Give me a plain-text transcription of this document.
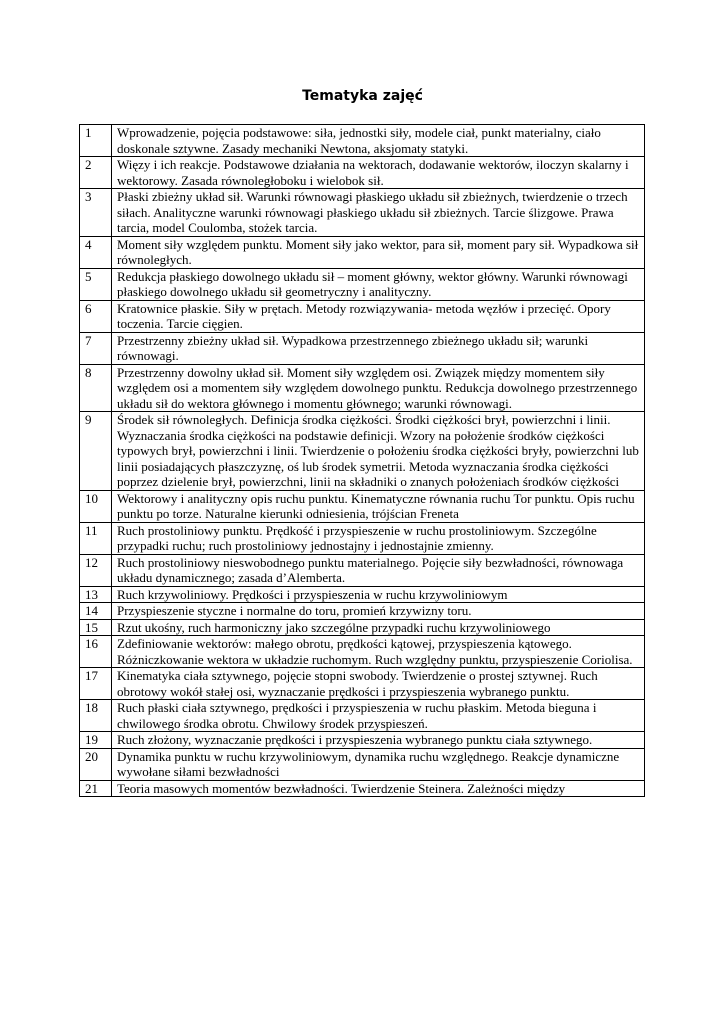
Tematyka zajęć
1	Wprowadzenie, pojęcia podstawowe: siła, jednostki siły, modele ciał, punkt materialny, ciało doskonale sztywne. Zasady mechaniki Newtona, aksjomaty statyki.
2	Więzy i ich reakcje. Podstawowe działania na wektorach, dodawanie wektorów, iloczyn skalarny i wektorowy. Zasada równoległoboku i wielobok sił.
3	Płaski zbieżny układ sił. Warunki równowagi płaskiego układu sił zbieżnych, twierdzenie o trzech siłach. Analityczne warunki równowagi płaskiego układu sił zbieżnych. Tarcie ślizgowe. Prawa tarcia, model Coulomba, stożek tarcia.
4	Moment siły względem punktu. Moment siły jako wektor, para sił, moment pary sił. Wypadkowa sił równoległych.
5	Redukcja płaskiego dowolnego układu sił – moment główny, wektor główny. Warunki równowagi płaskiego dowolnego układu sił geometryczny i analityczny.
6	Kratownice płaskie. Siły w prętach. Metody rozwiązywania- metoda węzłów i przecięć. Opory toczenia. Tarcie cięgien.
7	Przestrzenny zbieżny układ sił. Wypadkowa przestrzennego zbieżnego układu sił; warunki równowagi.
8	Przestrzenny dowolny układ sił. Moment siły względem osi. Związek między momentem siły względem osi a momentem siły względem dowolnego punktu. Redukcja dowolnego przestrzennego układu sił do wektora głównego i momentu głównego; warunki równowagi.
9	Środek sił równoległych. Definicja środka ciężkości. Środki ciężkości brył, powierzchni i linii. Wyznaczania środka ciężkości na podstawie definicji. Wzory na położenie środków ciężkości typowych brył, powierzchni i linii. Twierdzenie o położeniu środka ciężkości bryły, powierzchni lub linii posiadających płaszczyznę, oś lub środek symetrii. Metoda wyznaczania środka ciężkości poprzez dzielenie brył, powierzchni, linii na składniki o znanych położeniach środków ciężkości
10	Wektorowy i analityczny opis ruchu punktu. Kinematyczne równania ruchu Tor punktu. Opis ruchu punktu po torze. Naturalne kierunki odniesienia, trójścian Freneta
11	Ruch prostoliniowy punktu. Prędkość i przyspieszenie w ruchu prostoliniowym. Szczególne przypadki ruchu; ruch prostoliniowy jednostajny i jednostajnie zmienny.
12	Ruch prostoliniowy nieswobodnego punktu materialnego. Pojęcie siły bezwładności, równowaga układu dynamicznego; zasada d’Alemberta.
13	Ruch krzywoliniowy. Prędkości i przyspieszenia w ruchu krzywoliniowym
14	Przyspieszenie styczne i normalne do toru, promień krzywizny toru.
15	Rzut ukośny, ruch harmoniczny jako szczególne przypadki ruchu krzywoliniowego
16	Zdefiniowanie wektorów: małego obrotu, prędkości kątowej, przyspieszenia kątowego. Różniczkowanie wektora w układzie ruchomym. Ruch względny punktu, przyspieszenie Coriolisa.
17	Kinematyka ciała sztywnego, pojęcie stopni swobody. Twierdzenie o prostej sztywnej. Ruch obrotowy wokół stałej osi, wyznaczanie prędkości i przyspieszenia wybranego punktu.
18	Ruch płaski ciała sztywnego, prędkości i przyspieszenia w ruchu płaskim. Metoda bieguna i chwilowego środka obrotu. Chwilowy środek przyspieszeń.
19	Ruch złożony, wyznaczanie prędkości i przyspieszenia wybranego punktu ciała sztywnego.
20	Dynamika punktu w ruchu krzywoliniowym, dynamika ruchu względnego. Reakcje dynamiczne wywołane siłami bezwładności
21	Teoria masowych momentów bezwładności. Twierdzenie Steinera. Zależności między
